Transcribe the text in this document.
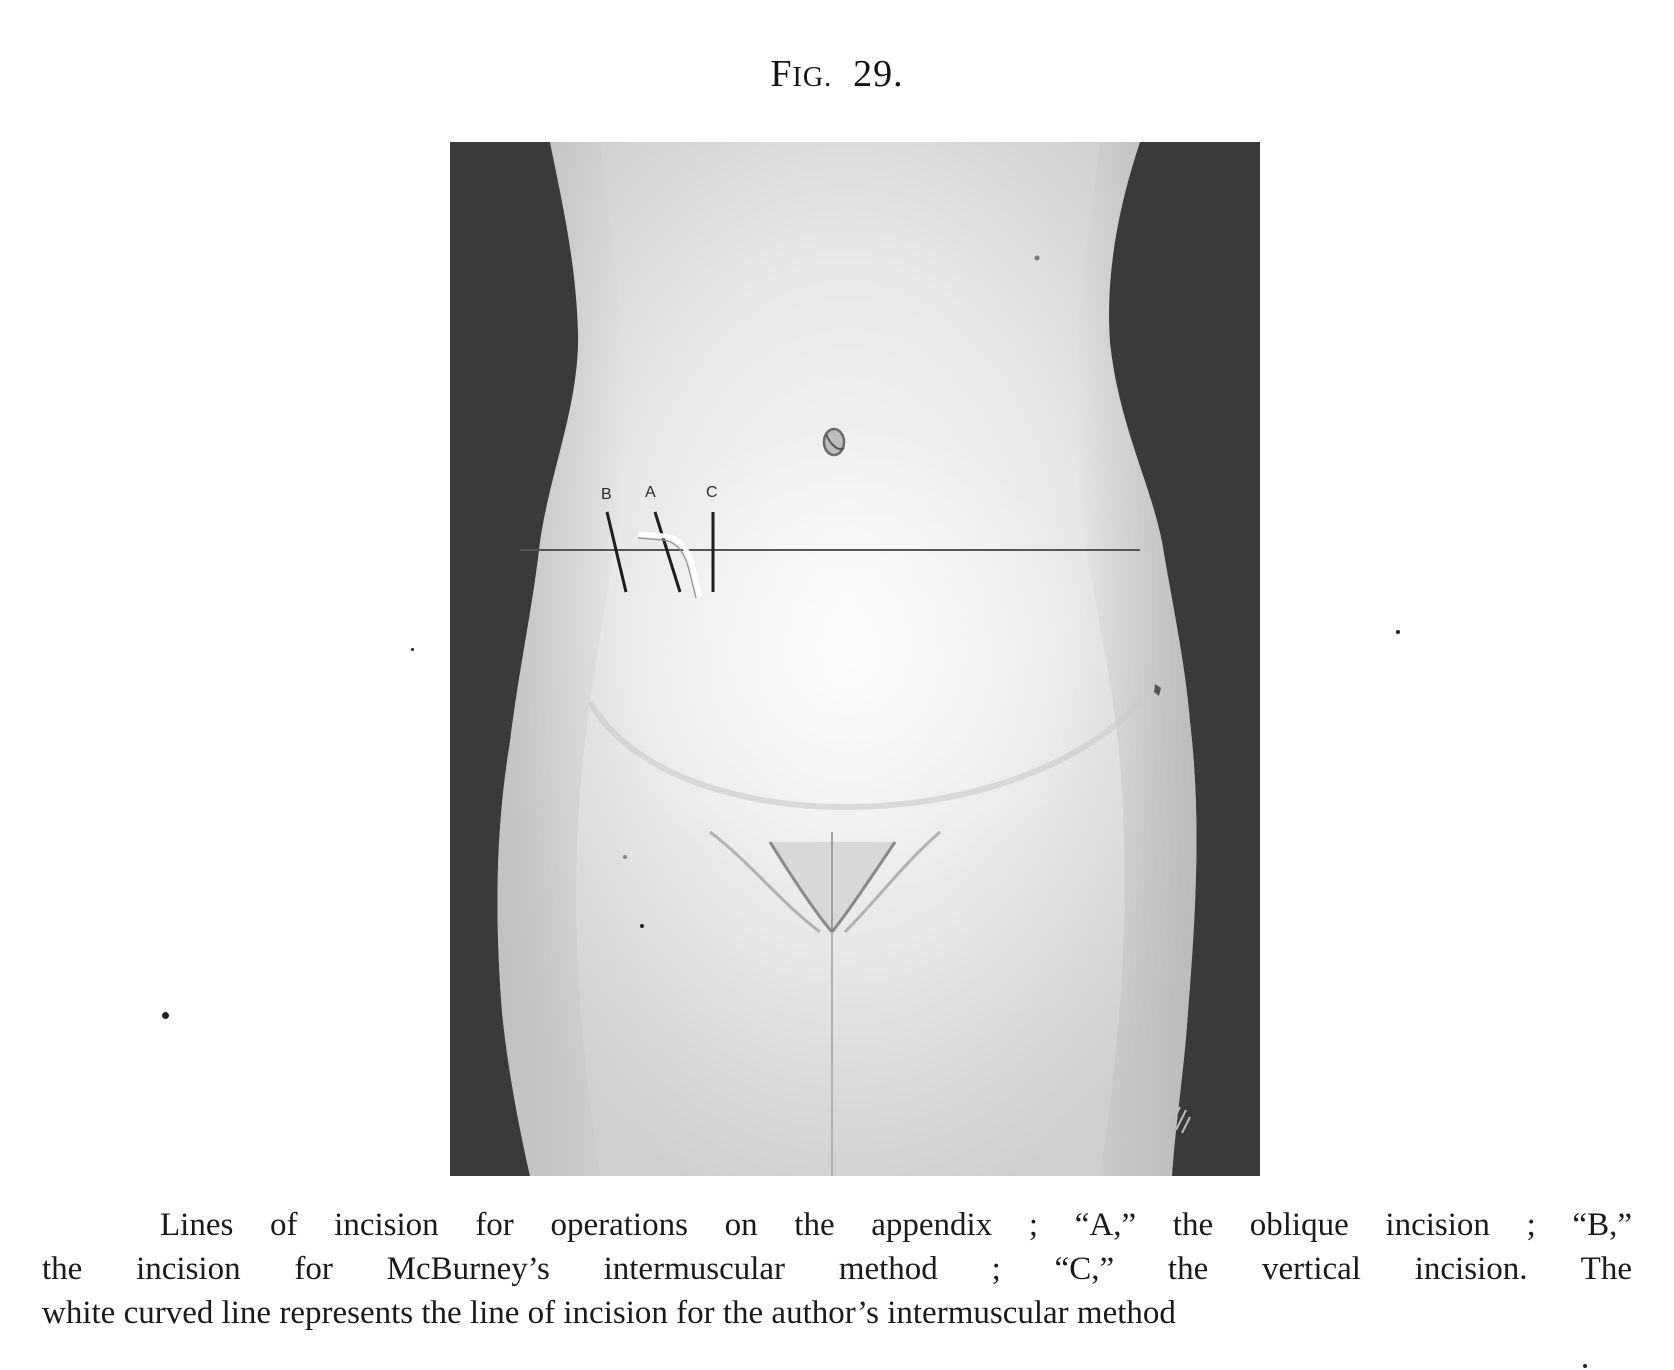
FIG. 29.
B A	C
Lines of incision for operations on the appendix ; “A,” the oblique incision ; “B,”
the incision for McBurney’s intermuscular method ; “C,” the vertical incision. The
white curved line represents the line of incision for the author’s intermuscular method
